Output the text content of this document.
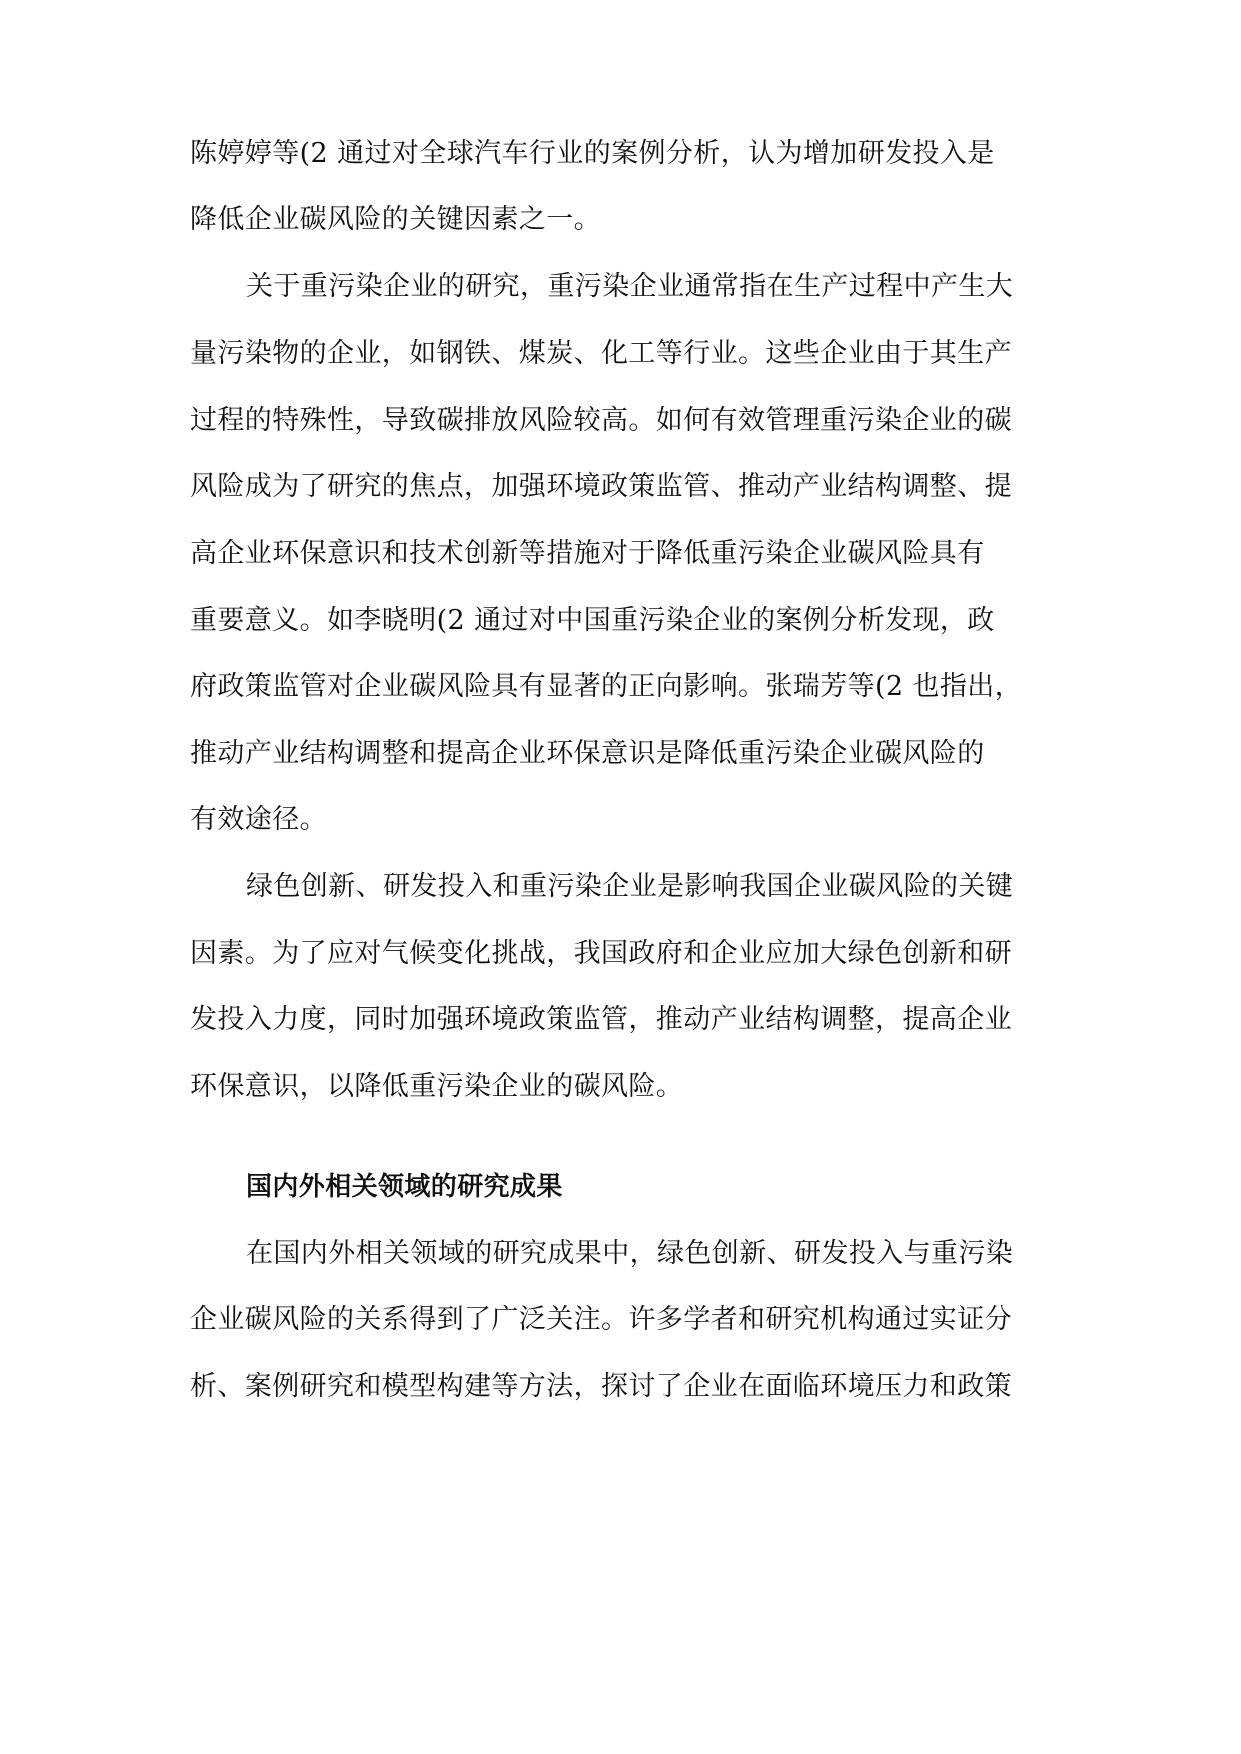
陈婷婷等(2 通过对全球汽车行业的案例分析，认为增加研发投入是
降低企业碳风险的关键因素之一。
关于重污染企业的研究，重污染企业通常指在生产过程中产生大
量污染物的企业，如钢铁、煤炭、化工等行业。这些企业由于其生产
过程的特殊性，导致碳排放风险较高。如何有效管理重污染企业的碳
风险成为了研究的焦点，加强环境政策监管、推动产业结构调整、提
高企业环保意识和技术创新等措施对于降低重污染企业碳风险具有
重要意义。如李晓明(2 通过对中国重污染企业的案例分析发现，政
府政策监管对企业碳风险具有显著的正向影响。张瑞芳等(2 也指出，
推动产业结构调整和提高企业环保意识是降低重污染企业碳风险的
有效途径。
绿色创新、研发投入和重污染企业是影响我国企业碳风险的关键
因素。为了应对气候变化挑战，我国政府和企业应加大绿色创新和研
发投入力度，同时加强环境政策监管，推动产业结构调整，提高企业
环保意识，以降低重污染企业的碳风险。
国内外相关领域的研究成果
在国内外相关领域的研究成果中，绿色创新、研发投入与重污染
企业碳风险的关系得到了广泛关注。许多学者和研究机构通过实证分
析、案例研究和模型构建等方法，探讨了企业在面临环境压力和政策
